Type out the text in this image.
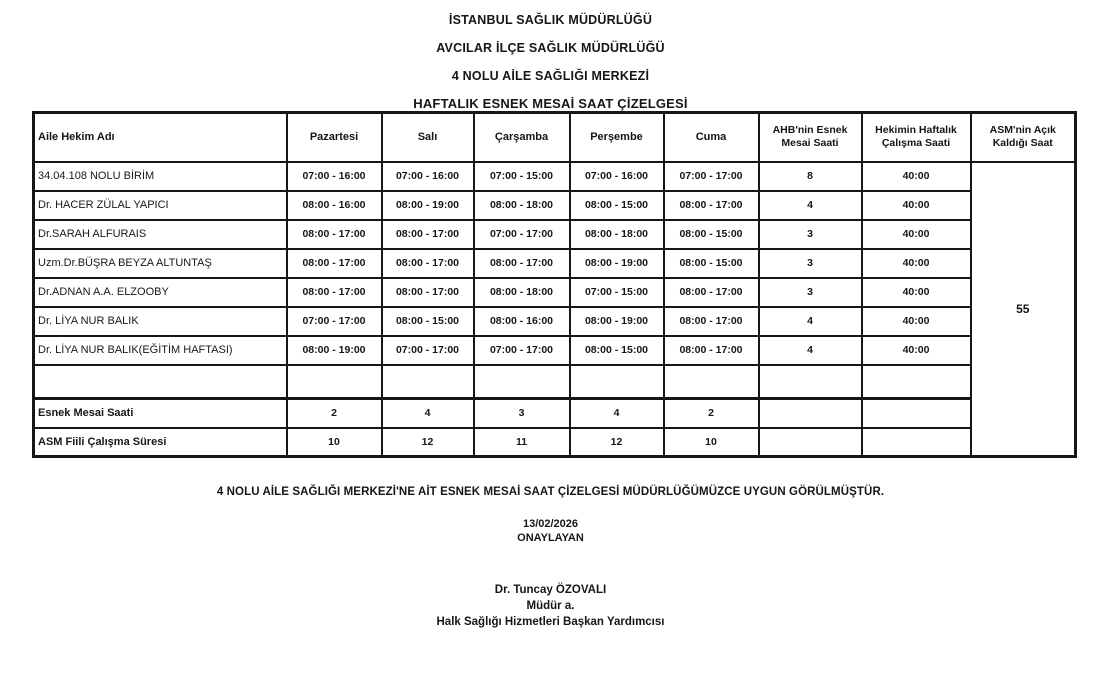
İSTANBUL SAĞLIK MÜDÜRLÜĞÜ
AVCILAR İLÇE SAĞLIK MÜDÜRLÜĞÜ
4 NOLU AİLE SAĞLIĞI MERKEZİ
HAFTALIK ESNEK MESAİ SAAT ÇİZELGESİ
Aile Hekim Adı	Pazartesi	Salı	Çarşamba	Perşembe	Cuma	AHB'nin Esnek Mesai Saati	Hekimin Haftalık Çalışma Saati	ASM'nin Açık Kaldığı Saat
34.04.108 NOLU BİRİM	07:00 - 16:00	07:00 - 16:00	07:00 - 15:00	07:00 - 16:00	07:00 - 17:00	8	40:00	55
Dr. HACER ZÜLAL YAPICI	08:00 - 16:00	08:00 - 19:00	08:00 - 18:00	08:00 - 15:00	08:00 - 17:00	4	40:00	
Dr.SARAH ALFURAIS	08:00 - 17:00	08:00 - 17:00	07:00 - 17:00	08:00 - 18:00	08:00 - 15:00	3	40:00	
Uzm.Dr.BÜŞRA BEYZA ALTUNTAŞ	08:00 - 17:00	08:00 - 17:00	08:00 - 17:00	08:00 - 19:00	08:00 - 15:00	3	40:00	
Dr.ADNAN A.A. ELZOOBY	08:00 - 17:00	08:00 - 17:00	08:00 - 18:00	07:00 - 15:00	08:00 - 17:00	3	40:00	
Dr. LİYA NUR BALIK	07:00 - 17:00	08:00 - 15:00	08:00 - 16:00	08:00 - 19:00	08:00 - 17:00	4	40:00	
Dr. LİYA NUR BALIK(EĞİTİM HAFTASI)	08:00 - 19:00	07:00 - 17:00	07:00 - 17:00	08:00 - 15:00	08:00 - 17:00	4	40:00	

Esnek Mesai Saati	2	4	3	4	2			
ASM Fiili Çalışma Süresi	10	12	11	12	10			
4 NOLU AİLE SAĞLIĞI MERKEZİ'NE AİT ESNEK MESAİ SAAT ÇİZELGESİ MÜDÜRLÜĞÜMÜZCE UYGUN GÖRÜLMÜŞTÜR.
13/02/2026
ONAYLAYAN
Dr. Tuncay ÖZOVALI
Müdür a.
Halk Sağlığı Hizmetleri Başkan Yardımcısı
